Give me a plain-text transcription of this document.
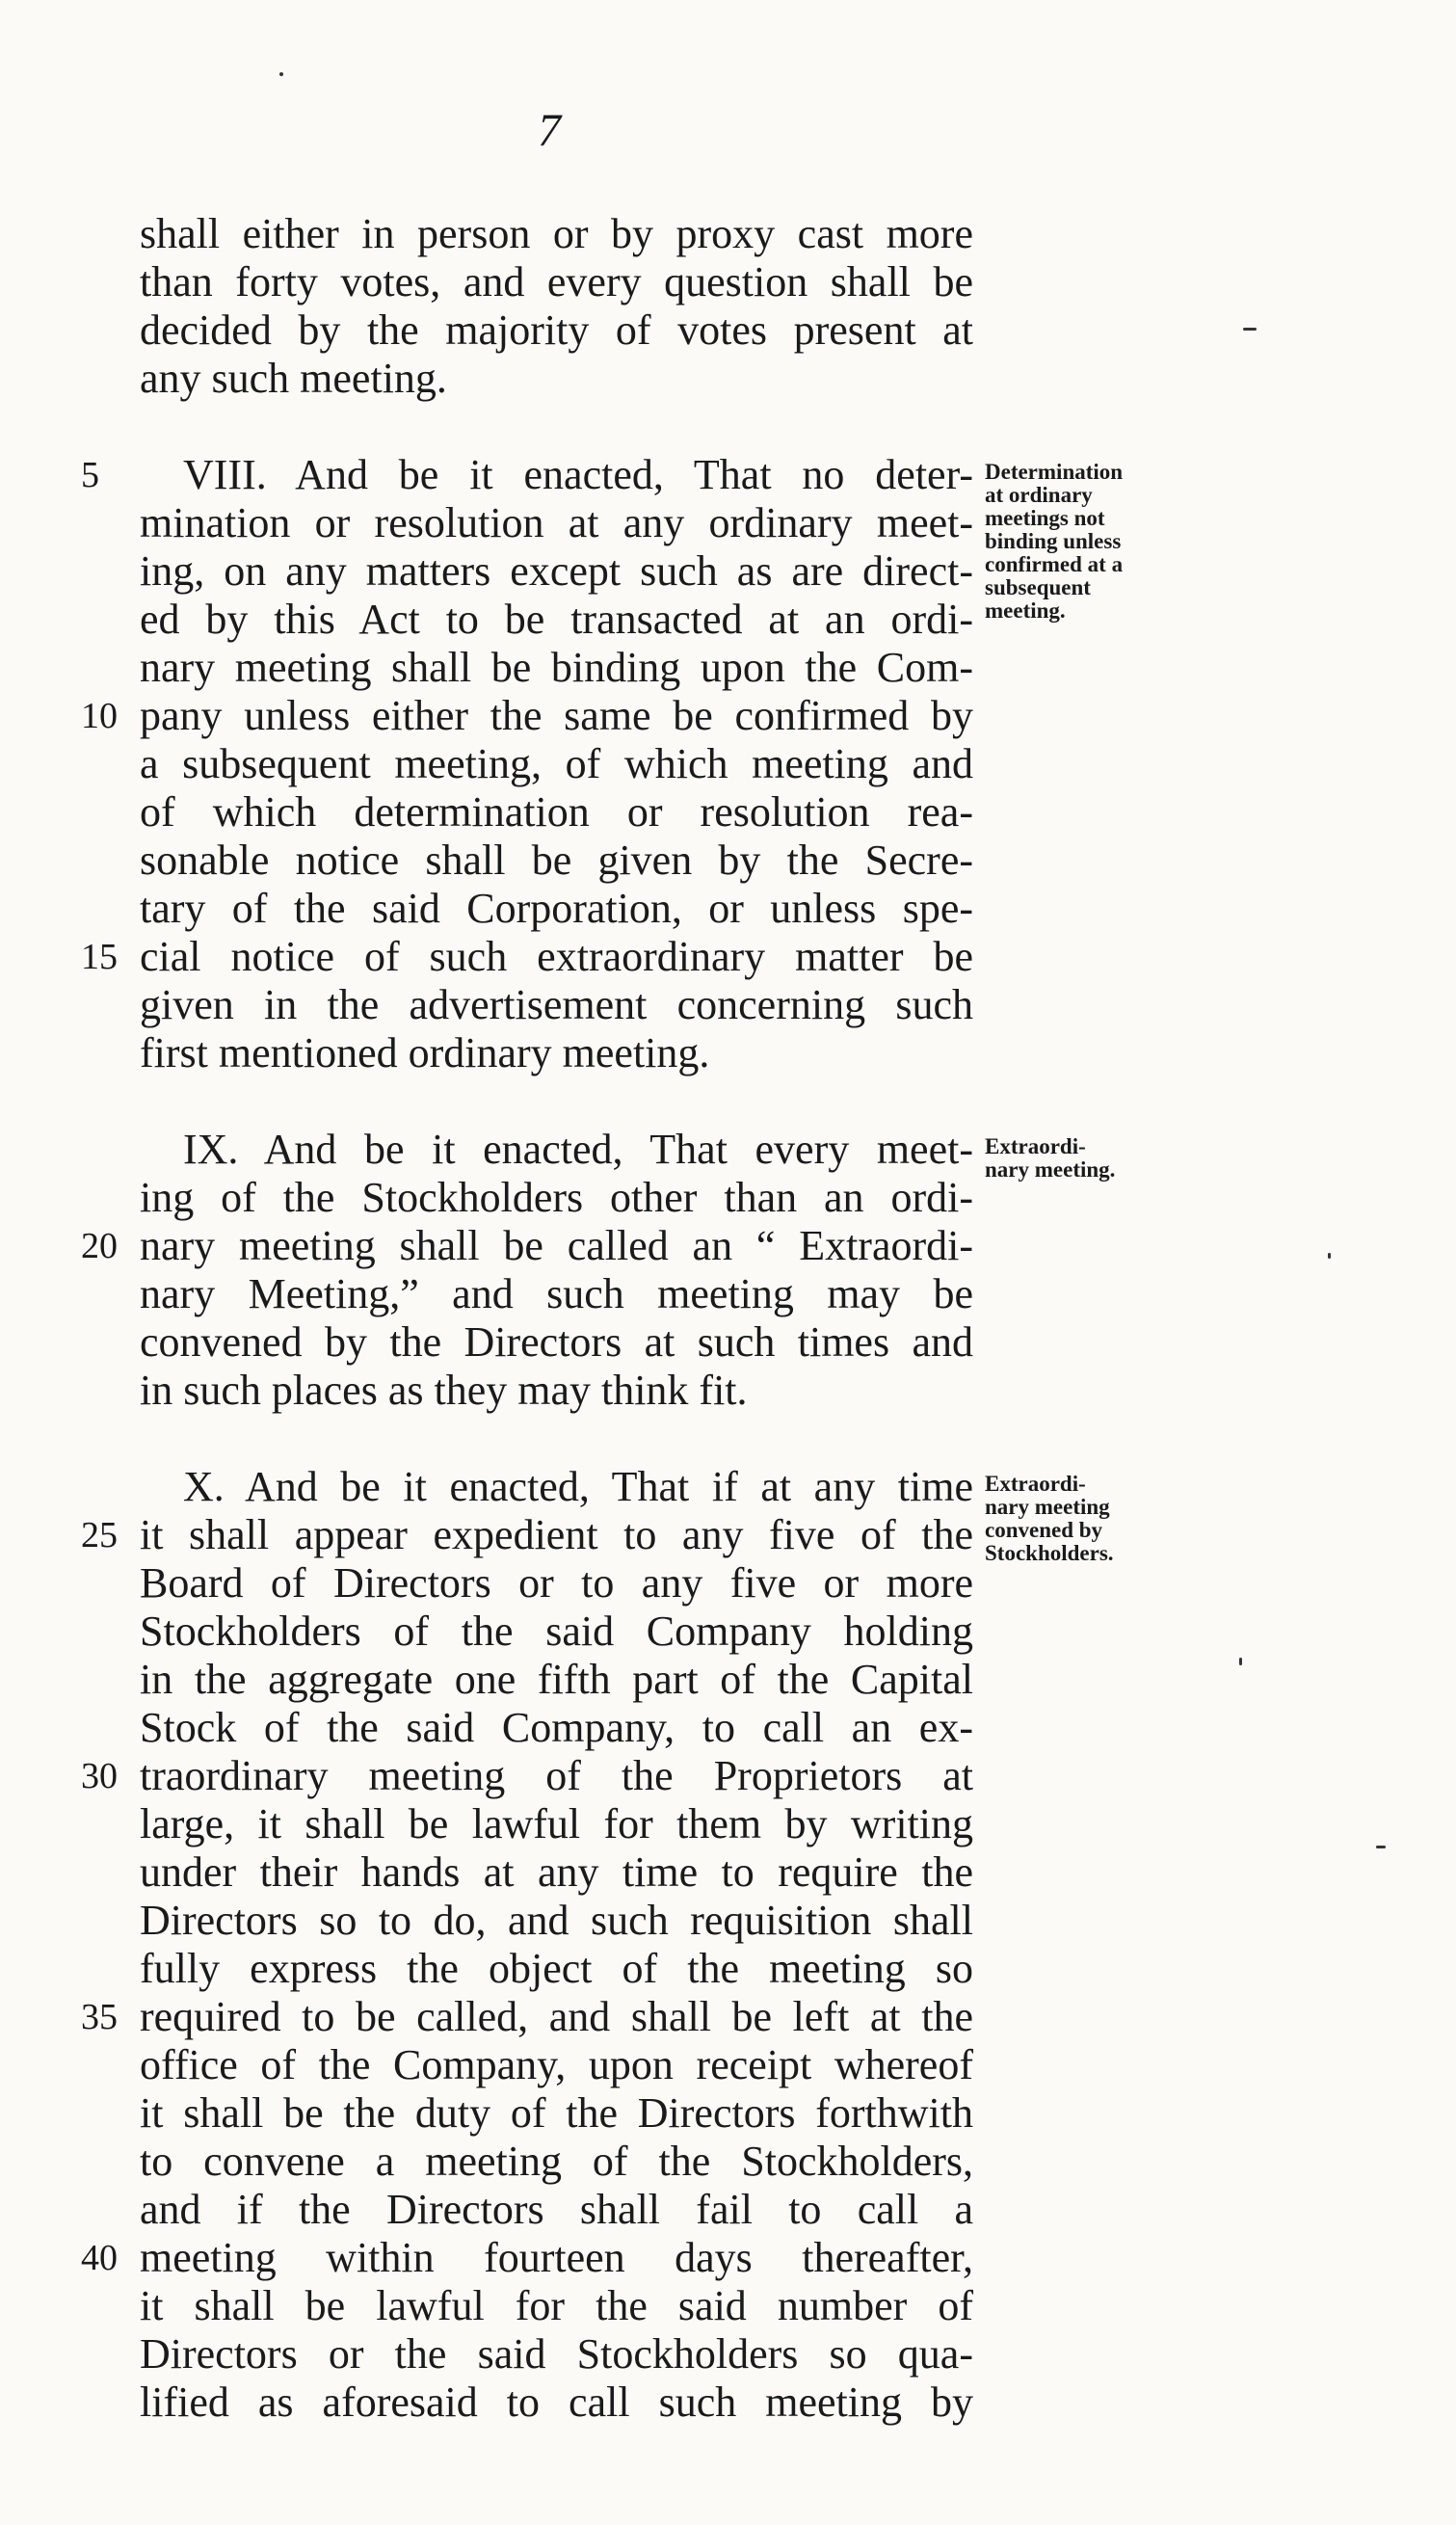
7
shall either in person or by proxy cast more
than forty votes, and every question shall be
decided by the majority of votes present at
any such meeting.
5	VIII. And be it enacted, That no deter-
mination or resolution at any ordinary meet-
ing, on any matters except such as are direct-
ed by this Act to be transacted at an ordi-
nary meeting shall be binding upon the Com-
10 pany unless either the same be confirmed by
a subsequent meeting, of which meeting and
of which determination or resolution rea-
sonable notice shall be given by the Secre-
tary of the said Corporation, or unless spe-
15 cial notice of such extraordinary matter be
given in the advertisement concerning such
first mentioned ordinary meeting.
Determination
at ordinary
meetings not
binding unless
confirmed at a
subsequent
meeting.
IX. And be it enacted, That every meet-
ing of the Stockholders other than an ordi-
20 nary meeting shall be called an “ Extraordi-
nary Meeting,” and such meeting may be
convened by the Directors at such times and
in such places as they may think fit.
Extraordi-
nary meeting.
X. And be it enacted, That if at any time
25 it shall appear expedient to any five of the
Board of Directors or to any five or more
Stockholders of the said Company holding
in the aggregate one fifth part of the Capital
Stock of the said Company, to call an ex-
30 traordinary meeting of the Proprietors at
large, it shall be lawful for them by writing
under their hands at any time to require the
Directors so to do, and such requisition shall
fully express the object of the meeting so
35 required to be called, and shall be left at the
office of the Company, upon receipt whereof
it shall be the duty of the Directors forthwith
to convene a meeting of the Stockholders,
and if the Directors shall fail to call a
40 meeting within fourteen days thereafter,
it shall be lawful for the said number of
Directors or the said Stockholders so qua-
lified as aforesaid to call such meeting by
Extraordi-
nary meeting
convened by
Stockholders.
